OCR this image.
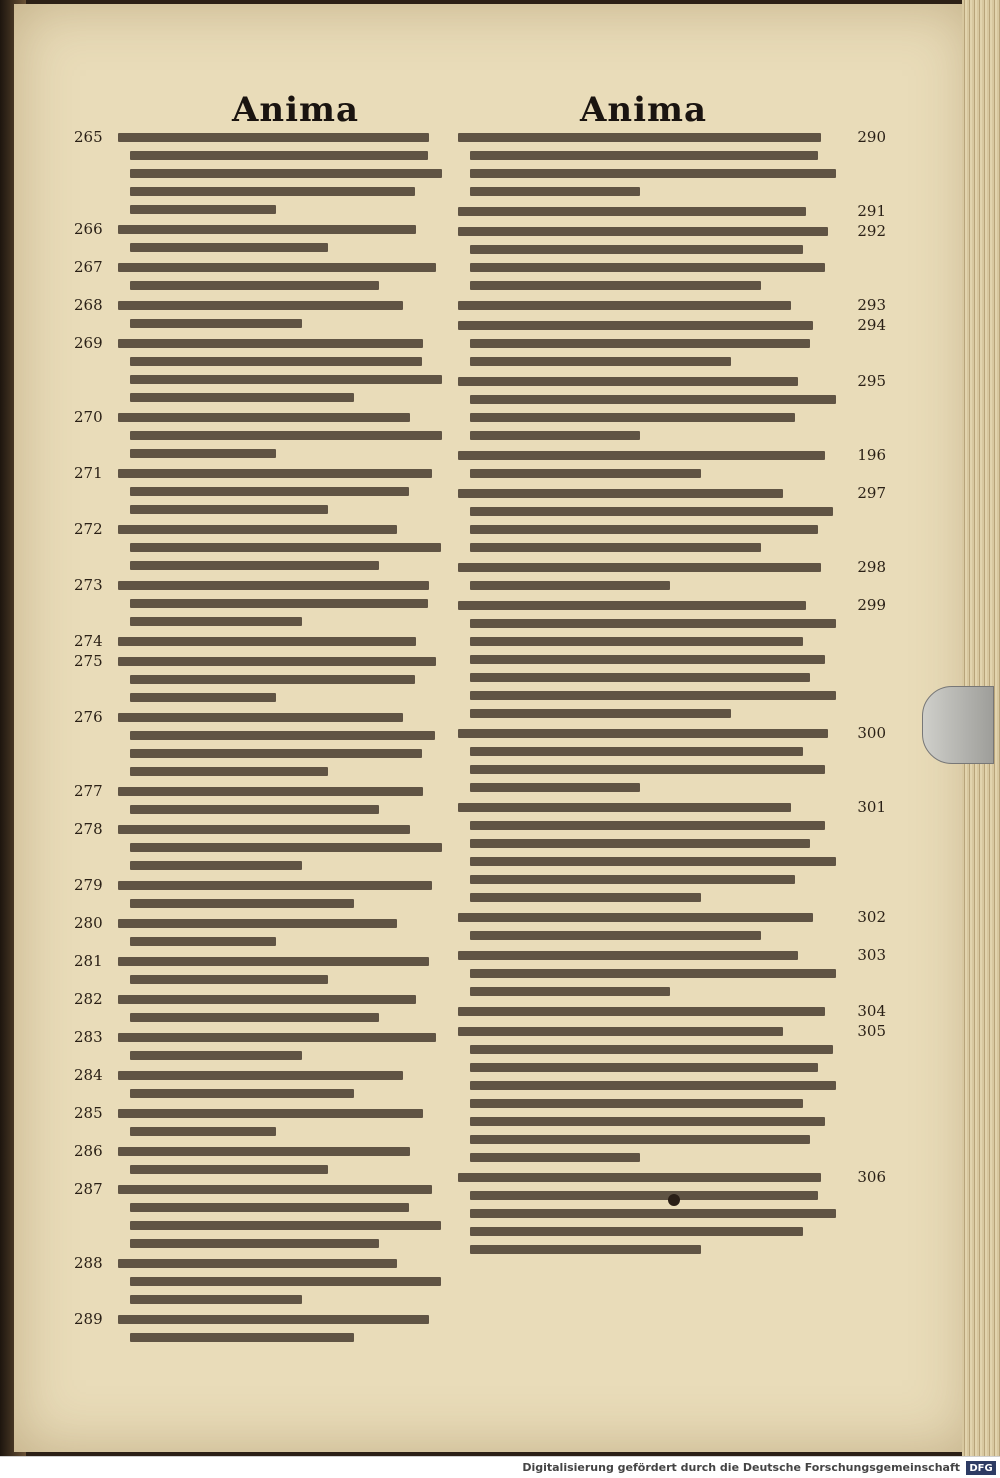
Anima	Anima
265
266
267
268
269
270
271
272
273
274
275
276
277
278
279
280
281
282
283
284
285
286
287
288
289
290
291
292
293
294
295
196
297
298
299
300
301
302
303
304
305
306
Digitalisierung gefördert durch die Deutsche Forschungsgemeinschaft DFG
